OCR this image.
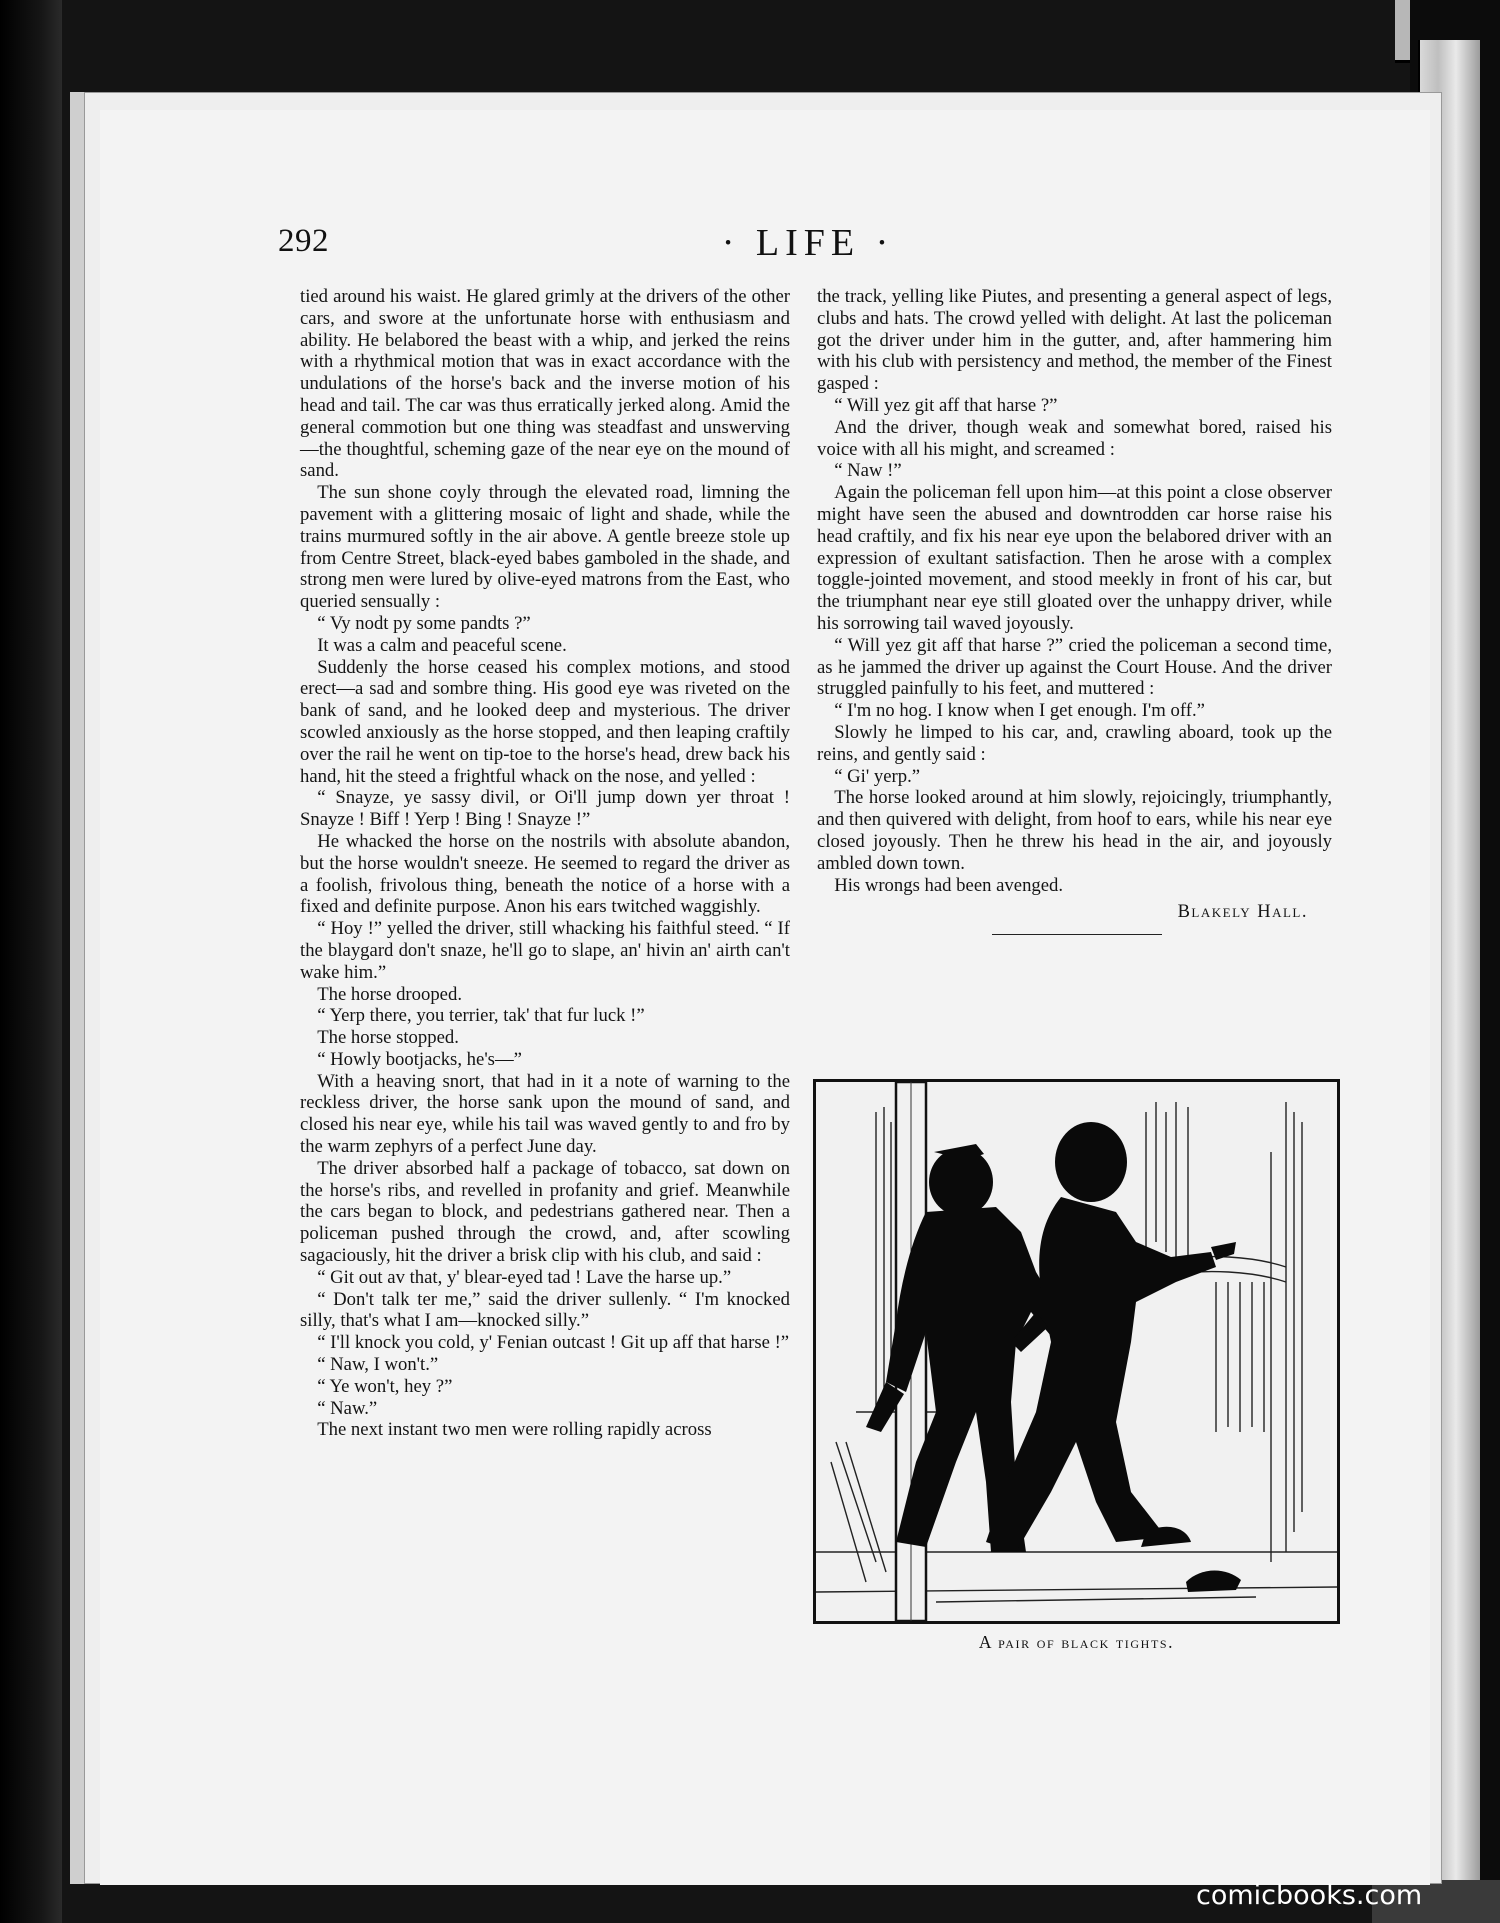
292	· LIFE ·

tied around his waist. He glared grimly at the drivers of the other cars, and swore at the unfortunate horse with enthusiasm and ability. He belabored the beast with a whip, and jerked the reins with a rhythmical motion that was in exact accordance with the undulations of the horse's back and the inverse motion of his head and tail. The car was thus erratically jerked along. Amid the general commotion but one thing was steadfast and unswerving—the thoughtful, scheming gaze of the near eye on the mound of sand.

The sun shone coyly through the elevated road, limning the pavement with a glittering mosaic of light and shade, while the trains murmured softly in the air above. A gentle breeze stole up from Centre Street, black-eyed babes gamboled in the shade, and strong men were lured by olive-eyed matrons from the East, who queried sensually :

“ Vy nodt py some pandts ?”

It was a calm and peaceful scene.

Suddenly the horse ceased his complex motions, and stood erect—a sad and sombre thing. His good eye was riveted on the bank of sand, and he looked deep and mysterious. The driver scowled anxiously as the horse stopped, and then leaping craftily over the rail he went on tip-toe to the horse's head, drew back his hand, hit the steed a frightful whack on the nose, and yelled :

“ Snayze, ye sassy divil, or Oi'll jump down yer throat ! Snayze ! Biff ! Yerp ! Bing ! Snayze !”

He whacked the horse on the nostrils with absolute abandon, but the horse wouldn't sneeze. He seemed to regard the driver as a foolish, frivolous thing, beneath the notice of a horse with a fixed and definite purpose. Anon his ears twitched waggishly.

“ Hoy !” yelled the driver, still whacking his faithful steed. “ If the blaygard don't snaze, he'll go to slape, an' hivin an' airth can't wake him.”

The horse drooped.

“ Yerp there, you terrier, tak' that fur luck !”

The horse stopped.

“ Howly bootjacks, he's—”

With a heaving snort, that had in it a note of warning to the reckless driver, the horse sank upon the mound of sand, and closed his near eye, while his tail was waved gently to and fro by the warm zephyrs of a perfect June day.

The driver absorbed half a package of tobacco, sat down on the horse's ribs, and revelled in profanity and grief. Meanwhile the cars began to block, and pedestrians gathered near. Then a policeman pushed through the crowd, and, after scowling sagaciously, hit the driver a brisk clip with his club, and said :

“ Git out av that, y' blear-eyed tad ! Lave the harse up.”

“ Don't talk ter me,” said the driver sullenly. “ I'm knocked silly, that's what I am—knocked silly.”

“ I'll knock you cold, y' Fenian outcast ! Git up aff that harse !”

“ Naw, I won't.”

“ Ye won't, hey ?”

“ Naw.”

The next instant two men were rolling rapidly across

the track, yelling like Piutes, and presenting a general aspect of legs, clubs and hats. The crowd yelled with delight. At last the policeman got the driver under him in the gutter, and, after hammering him with his club with persistency and method, the member of the Finest gasped :

“ Will yez git aff that harse ?”

And the driver, though weak and somewhat bored, raised his voice with all his might, and screamed :

“ Naw !”

Again the policeman fell upon him—at this point a close observer might have seen the abused and downtrodden car horse raise his head craftily, and fix his near eye upon the belabored driver with an expression of exultant satisfaction. Then he arose with a complex toggle-jointed movement, and stood meekly in front of his car, but the triumphant near eye still gloated over the unhappy driver, while his sorrowing tail waved joyously.

“ Will yez git aff that harse ?” cried the policeman a second time, as he jammed the driver up against the Court House. And the driver struggled painfully to his feet, and muttered :

“ I'm no hog. I know when I get enough. I'm off.”

Slowly he limped to his car, and, crawling aboard, took up the reins, and gently said :

“ Gi' yerp.”

The horse looked around at him slowly, rejoicingly, triumphantly, and then quivered with delight, from hoof to ears, while his near eye closed joyously. Then he threw his head in the air, and joyously ambled down town.

His wrongs had been avenged.

Blakely Hall.
A pair of black tights.
comicbooks.com
